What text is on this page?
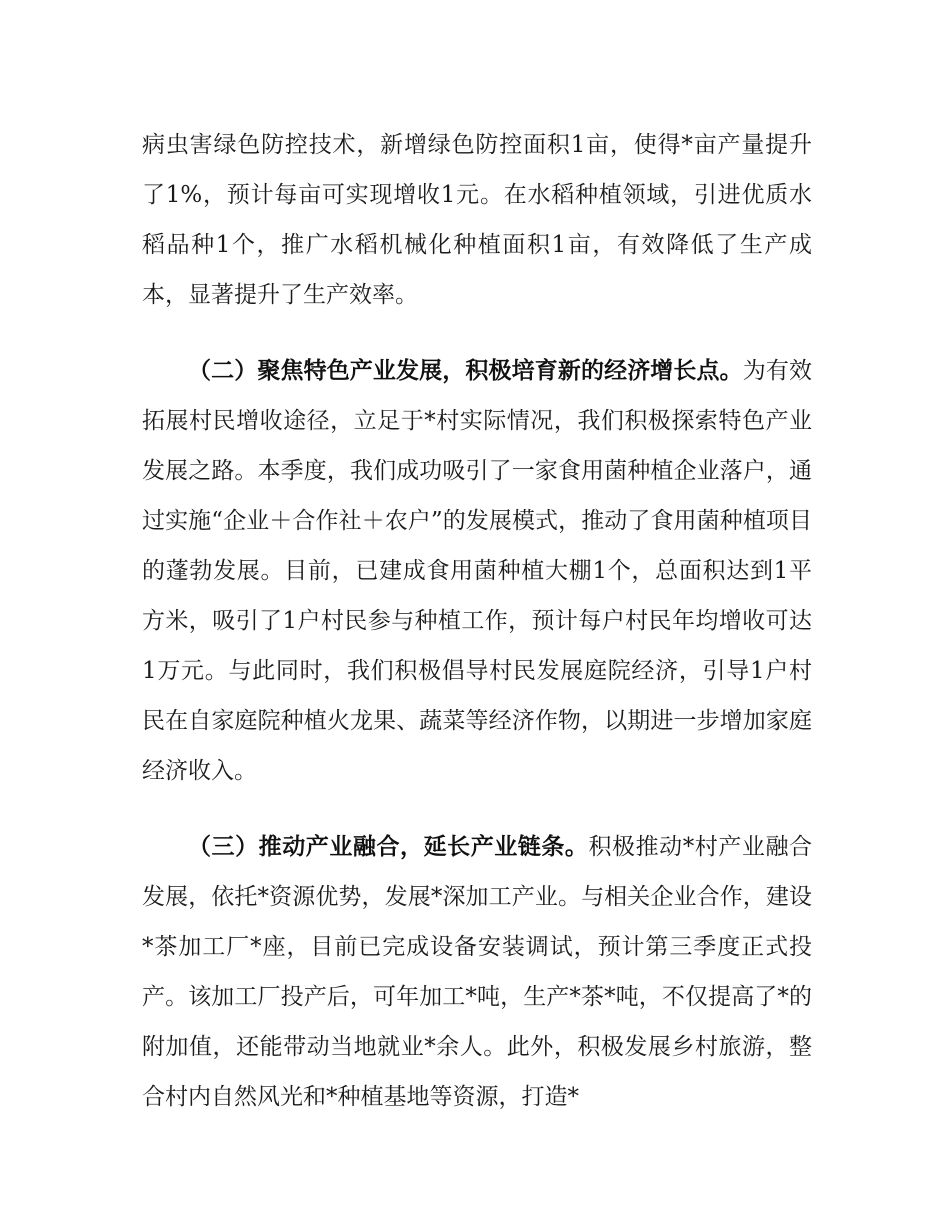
病虫害绿色防控技术，新增绿色防控面积1亩，使得*亩产量提升了1%，预计每亩可实现增收1元。在水稻种植领域，引进优质水稻品种1个，推广水稻机械化种植面积1亩，有效降低了生产成本，显著提升了生产效率。

（二）聚焦特色产业发展，积极培育新的经济增长点。为有效拓展村民增收途径，立足于*村实际情况，我们积极探索特色产业发展之路。本季度，我们成功吸引了一家食用菌种植企业落户，通过实施“企业＋合作社＋农户”的发展模式，推动了食用菌种植项目的蓬勃发展。目前，已建成食用菌种植大棚1个，总面积达到1平方米，吸引了1户村民参与种植工作，预计每户村民年均增收可达1万元。与此同时，我们积极倡导村民发展庭院经济，引导1户村民在自家庭院种植火龙果、蔬菜等经济作物，以期进一步增加家庭经济收入。

（三）推动产业融合，延长产业链条。积极推动*村产业融合发展，依托*资源优势，发展*深加工产业。与相关企业合作，建设*茶加工厂*座，目前已完成设备安装调试，预计第三季度正式投产。该加工厂投产后，可年加工*吨，生产*茶*吨，不仅提高了*的附加值，还能带动当地就业*余人。此外，积极发展乡村旅游，整合村内自然风光和*种植基地等资源，打造*
